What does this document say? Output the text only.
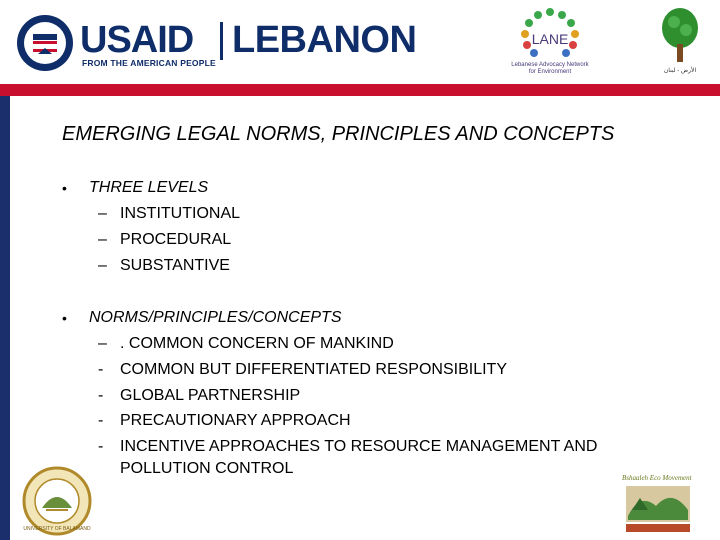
USAID LEBANON
FROM THE AMERICAN PEOPLE
LANE
Lebanese Advocacy Network for Environment	الأرض - لبنان
EMERGING LEGAL NORMS, PRINCIPLES AND CONCEPTS
• THREE LEVELS
– INSTITUTIONAL
– PROCEDURAL
– SUBSTANTIVE
• NORMS/PRINCIPLES/CONCEPTS
– . COMMON CONCERN OF MANKIND
- COMMON BUT DIFFERENTIATED RESPONSIBILITY
- GLOBAL PARTNERSHIP
- PRECAUTIONARY APPROACH
- INCENTIVE APPROACHES TO RESOURCE MANAGEMENT AND POLLUTION CONTROL
UNIVERSITY OF BALAMAND
Bshaaleh Eco Movement
